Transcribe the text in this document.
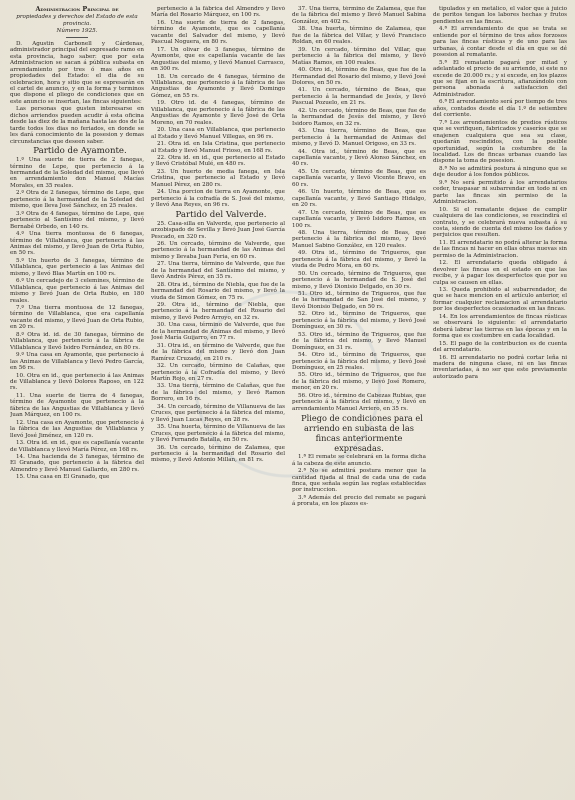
Administracion Principal de

propiedades y derechos del Estado de esta provincia.

Número 1925.

D. Agustin Carbonell y Cárdenas, administrador principal del expresado ramo en esta provincia, hago saber: que por esta Administracion se sacan á pública subasta en arrendamiento por tres ó mas años en propiedades del Estado: el dia de su celebracion, hora y sitio que se espresarán en el cartel de anuncio, y en la forma y terminos que dispone el pliego de condiciones que en este anuncio se insertan, las fincas siguientes:

Las personas que gusten interesarse en dichos arriendos pueden acudir á esta oficina desde las diez de la mañana hasta las dos de la tarde todos los dias no feriados, en donde se les dará conocimiento de la posesion y demas circunstancias que deseen saber.

Partido de Ayamonte.

1.º Una suerte de tierra de 2 fanegas, término de Lepe, que pertenecio á la hermandad de la Soledad del mismo, que llevó en arrendamiento don Manuel Macías Morales, en 35 reales.

2.º Otra de 2 fanegas, término de Lepe, que pertenecio á la hermandad de la Soledad del mismo, que lleva José Sánchez, en 25 reales.

3.º Otra de 4 fanegas, término de Lepe, que pertenecio al Santísimo del mismo, y llevó Bernabé Orbedo, en 140 rs.

4.º Una tierra montuosa de 6 fanegas, término de Villablanca, que pertenecio á las Animas del mismo, y llevó Juan de Orta Rubio, en 50 rs.

5.º Un huerto de 3 fanegas, término de Villablanca, que pertenecio á las Animas del mismo, y llevó Blas Martín en 100 rs.

6.º Un cercadejo de 3 celemines, término de Villablanca, que pertenecio á las Animas del mismo y llevó Juan de Orta Rubio, en 180 reales.

7.º Una tierra montuosa de 12 fanegas, término de Villablanca, que era capellanía vacante del mismo, y llevó Juan de Orta Rubio, en 20 rs.

8.º Otra id. id. de 30 fanegas, término de Villablanca, que pertenecio á la fábrica de Villablanca y llevó Isidro Fernández, en 80 rs.

9.º Una casa en Ayamonte, que pertenecio á las Animas de Villablanca y llevó Pedro García, en 56 rs.

10. Otra en id., que pertenecio á las Animas de Villablanca y llevó Dolores Raposo, en 122 rs.

11. Una suerte de tierra de 4 fanegas, término de Ayamonte que pertenecio á la fábrica de las Angustias de Villablanca y llevó Juan Márquez, en 100 rs.

12. Una casa en Ayamonte, que pertenecio á la fábrica de las Angustias de Villablanca y llevó José Jiménez, en 120 rs.

13. Otra id. en id., que es capellanía vacante de Villablanca y llevó María Pérez, en 168 rs.

14. Una hacienda de 3 fanegas, término de El Granado, que pertenecio á la fábrica del Almendro y llevó Manuel Gallardo, en 280 rs.

15. Una casa en El Granado, que

pertenecio á la fábrica del Almendro y llevó María del Rosario Márquez, en 100 rs.

16. Una suerte de tierra de 2 fanegas, término de Ayamonte, que es capellanía vacante del Salvador del mismo, y llevó Pascual Noguera, en 80 rs.

17. Un olivar de 3 fanegas, término de Ayamonte, que es capellanía vacante de las Angustias del mismo, y llevó Manuel Carrasco, en 300 rs.

18. Un cercado de 4 fanegas, término de Villablanca, que pertenecio á la fábrica de las Angustias de Ayamonte y llevó Domingo Gómez, en 55 rs.

19. Otro id. de 4 fanegas, término de Villablanca, que pertenecio á la fábrica de las Angustias de Ayamonte y llevó José de Orta Moreno, en 70 reales.

20. Una casa en Villablanca, que pertenecio al Estado y llevó Manuel Villegas, en 96 rs.

21. Otra id. en Isla Cristina, que pertenecio al Estado y llevó Manuel Frioso, en 168 rs.

22. Otra id. en id., que pertenecio al Estado y llevó Cristóbal Mulé, en 480 rs.

23. Un huerto de media fanega, en Isla Cristina, que pertenecio al Estado y llevó Manuel Pérez, en 280 rs.

24. Una porcion de tierra en Ayamonte, que pertenecio á la cofradía de S. José del mismo, y llevó Ana Reyes, en 96 rs.

Partido del Valverde.

25. Casa-silla en Valverde, que pertenecio al arzobispado de Sevilla y llevó Juan José García Pescado, en 320 rs.

26. Un cercado, término de Valverde, que pertenecio á la hermandad de las Animas del mismo y llevaba Juan Feria, en 60 rs.

27. Una tierra, término de Valverde, que fue de la hermandad del Santísimo del mismo, y llevó Andrés Pérez, en 35 rs.

28. Otra id., término de Niebla, que fue de la hermandad del Rosario del mismo, y llevó la viuda de Simon Gómez, en 75 rs.

29. Otra id., término de Niebla, que pertenecio á la hermandad del Rosario del mismo, y llevó Pedro Arroyo, en 32 rs.

30. Una casa, término de Valverde, que fue de la hermandad de Animas del mismo, y llevó José María Guijarro, en 77 rs.

31. Otra id., en término de Valverde, que fue de la fábrica del mismo y llevó don Juan Ramírez Cruzado, en 210 rs.

32. Un cercado, término de Calañas, que pertenecio á la Cofradía del mismo, y llevó Martín Rojo, en 27 rs.

33. Una tierra, término de Calañas, que fue de la fábrica del mismo, y llevó Ramon Borrero, en 16 rs.

34. Un cercado, término de Villanueva de las Cruces, que pertenecio á la fábrica del mismo, y llevó Juan Lucas Reyes, en 28 rs.

35. Una huerta, término de Villanueva de las Cruces, que pertenecio á la fábrica del mismo, y llevó Fernando Batalla, en 50 rs.

36. Un cercado, término de Zalamea, que pertenecio á la hermandad del Rosario del mismo, y llevó Antonio Millan, en 81 rs.

37. Una tierra, término de Zalamea, que fue de la fábrica del mismo y llevó Manuel Sabina González, en 402 rs.

38. Una huerta, término de Zalamea, que fue de la fábrica del Villar, y llevó Francisco Roldan, en 60 reales.

39. Un cercado, término del Villar, que pertenecio á la fábrica del mismo, y llevó Matías Ramos, en 100 reales.

40. Otro id., término de Beas, que fue de la Hermandad del Rosario del mismo, y llevó José Dolores, en 50 rs.

41. Un cercado, término de Beas, que pertenecio á la hermandad de Jesús, y llevó Pascual Pozuelo, en 21 rs.

42. Un cercado, término de Beas, que fue de la hermandad de Jesús del mismo, y llevó Isidoro Ramos, en 32 rs.

43. Una tierra, término de Beas, que pertenecio á la hermandad de Animas del mismo, y llevó D. Manuel Origoso, en 33 rs.

44. Otra id., término de Beas, que es capellanía vacante, y llevó Alonso Sánchez, en 40 rs.

45. Un cercado, término de Beas, que es capellanía vacante, y llevó Vicente Bravo, en 60 rs.

46. Un huerto, término de Beas, que es capellanía vacante, y llevó Santiago Hidalgo, en 20 rs.

47. Un cercado, término de Beas, que es capellanía vacante, y llevó Isidoro Ramos, en 100 rs.

48. Una tierra, término de Beas, que pertenecio á la fábrica del mismo, y llevó Manuel Sabino González, en 120 reales.

49. Otra id., término de Trigueros, que pertenecio á la fábrica del mismo, y llevó la viuda de Pedro Mora, en 60 rs.

50. Un cercado, término de Trigueros, que pertenecio á la hermandad de S. José del mismo, y llevó Dionisio Delgado, en 30 rs.

51. Otro id., término de Trigueros, que fue de la hermandad de San José del mismo, y llevó Dionisio Delgado, en 50 rs.

52. Otro id., término de Trigueros, que pertenecio á la fábrica del mismo, y llevó José Domínguez, en 30 rs.

53. Otro id., término de Trigueros, que fue de la fábrica del mismo, y llevó Manuel Domínguez, en 31 rs.

54. Otro id., término de Trigueros, que pertenecio á la fábrica del mismo, y llevó José Domínguez, en 25 reales.

55. Otro id., término de Trigueros, que fue de la fábrica del mismo, y llevó José Romero, menor, en 20 rs.

56. Otro id., término de Cabezas Rubias, que pertenecio á la fábrica del mismo, y llevó en arrendamiento Manuel Arriero, en 35 rs.

Pliego de condiciones para el arriendo en subasta de las fincas anteriormente expresadas.

1.ª El remate se celebrará en la forma dicha á la cabeza de este anuncio.

2.ª No se admitirá postura menor que la cantidad fijada al final de cada una de cada finca, que señala según las reglas establecidas por instruccion.

3.ª Además del precio del remate se pagará á prorata, en los plazos es-

tipulados y en metálico, el valor que á juicio de peritos tengan los labores hechas y frutos pendientes en las fincas.

4.ª El arrendamiento de que se trata se entiende por el término de tres años forzosos para las fincas rústicas y de uno para las urbanas, á contar desde el día en que se dé posesion al rematante.

5.ª El rematante pagará por mitad y adelantado el precio de su arriendo, si este no excede de 20.000 rs.; y si excede, en los plazos que se fijan en la escritura, afianzándolo con persona abonada á satisfaccion del Administrador.

6.ª El arrendamiento será por tiempo de tres años, contados desde el día 1.º de setiembre del corriente.

7.ª Los arrendamientos de predios rústicos que se verifiquen, fabricados y caseríos que se enajenen cualquiera que sea su clase, quedarán rescindidos, con la posible oportunidad, según la costumbre de la localidad. Los de fincas urbanas cuando las dispone la toma de posesion.

8.ª No se admitirá postura á ninguno que se deje deudor á los fondos públicos.

9.ª No será permitido á los arrendatarios ceder, traspasar ni subarrendar en todo ni en parte las fincas sin permiso de la Administracion.

10. Si el rematante dejase de cumplir cualquiera de las condiciones, se rescindirá el contrato, y se celebrará nueva subasta á su costa, siendo de cuenta del mismo los daños y perjuicios que resulten.

11. El arrendatario no podrá alterar la forma de las fincas ni hacer en ellas obras nuevas sin permiso de la Administracion.

12. El arrendatario queda obligado á devolver las fincas en el estado en que las recibe, y á pagar los desperfectos que por su culpa se causen en ellas.

13. Queda prohibido al subarrendador, de que se hace mencion en el artículo anterior, el formar cualquier reclamacion al arrendatario por los desperfectos ocasionados en las fincas.

14. En los arrendamientos de fincas rústicas se observará lo siguiente: el arrendatario deberá labrar las tierras en las épocas y en la forma que es costumbre en cada localidad.

15. El pago de la contribucion es de cuenta del arrendatario.

16. El arrendatario no podrá cortar leña ni madera de ninguna clase, ni en las fincas inventariadas, á no ser que este previamente autorizado para
